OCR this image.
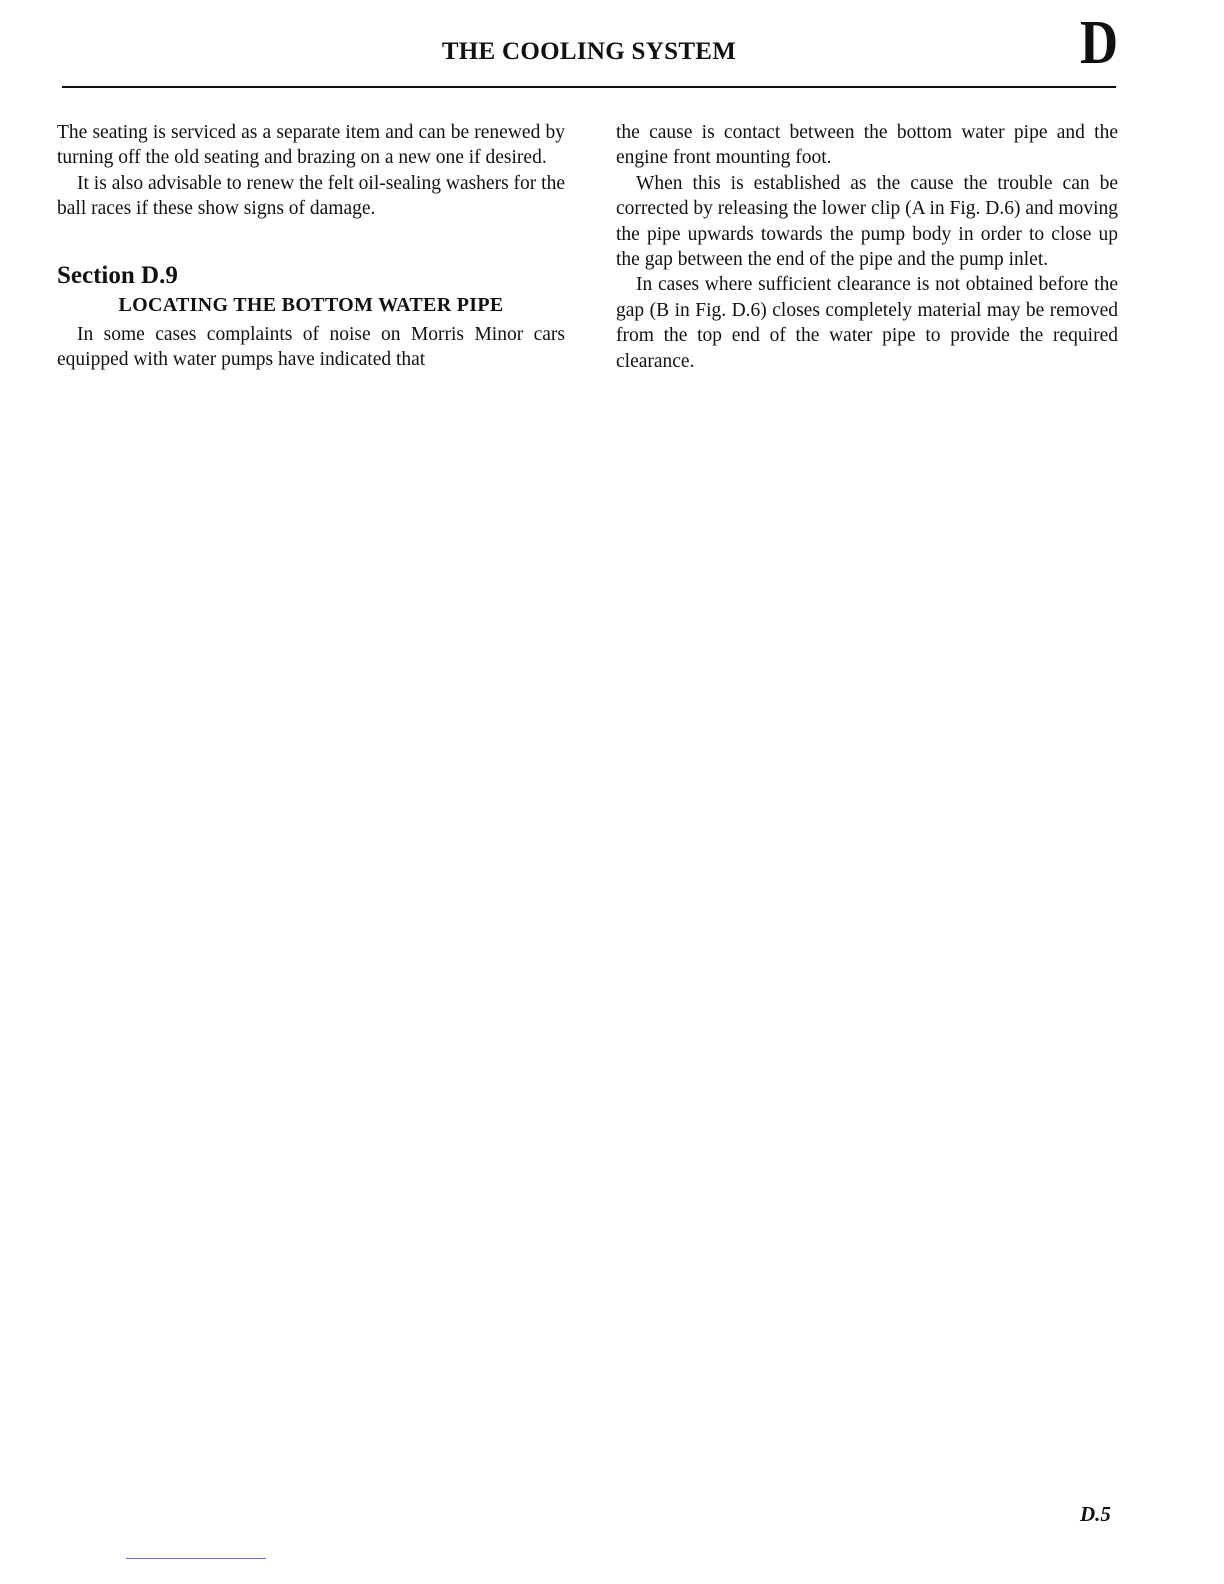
THE COOLING SYSTEM	D

The seating is serviced as a separate item and can be renewed by turning off the old seating and brazing on a new one if desired.

It is also advisable to renew the felt oil-sealing washers for the ball races if these show signs of damage.

Section D.9
LOCATING THE BOTTOM WATER PIPE

In some cases complaints of noise on Morris Minor cars equipped with water pumps have indicated that

the cause is contact between the bottom water pipe and the engine front mounting foot.

When this is established as the cause the trouble can be corrected by releasing the lower clip (A in Fig. D.6) and moving the pipe upwards towards the pump body in order to close up the gap between the end of the pipe and the pump inlet.

In cases where sufficient clearance is not obtained before the gap (B in Fig. D.6) closes completely material may be removed from the top end of the water pipe to provide the required clearance.

D.5
